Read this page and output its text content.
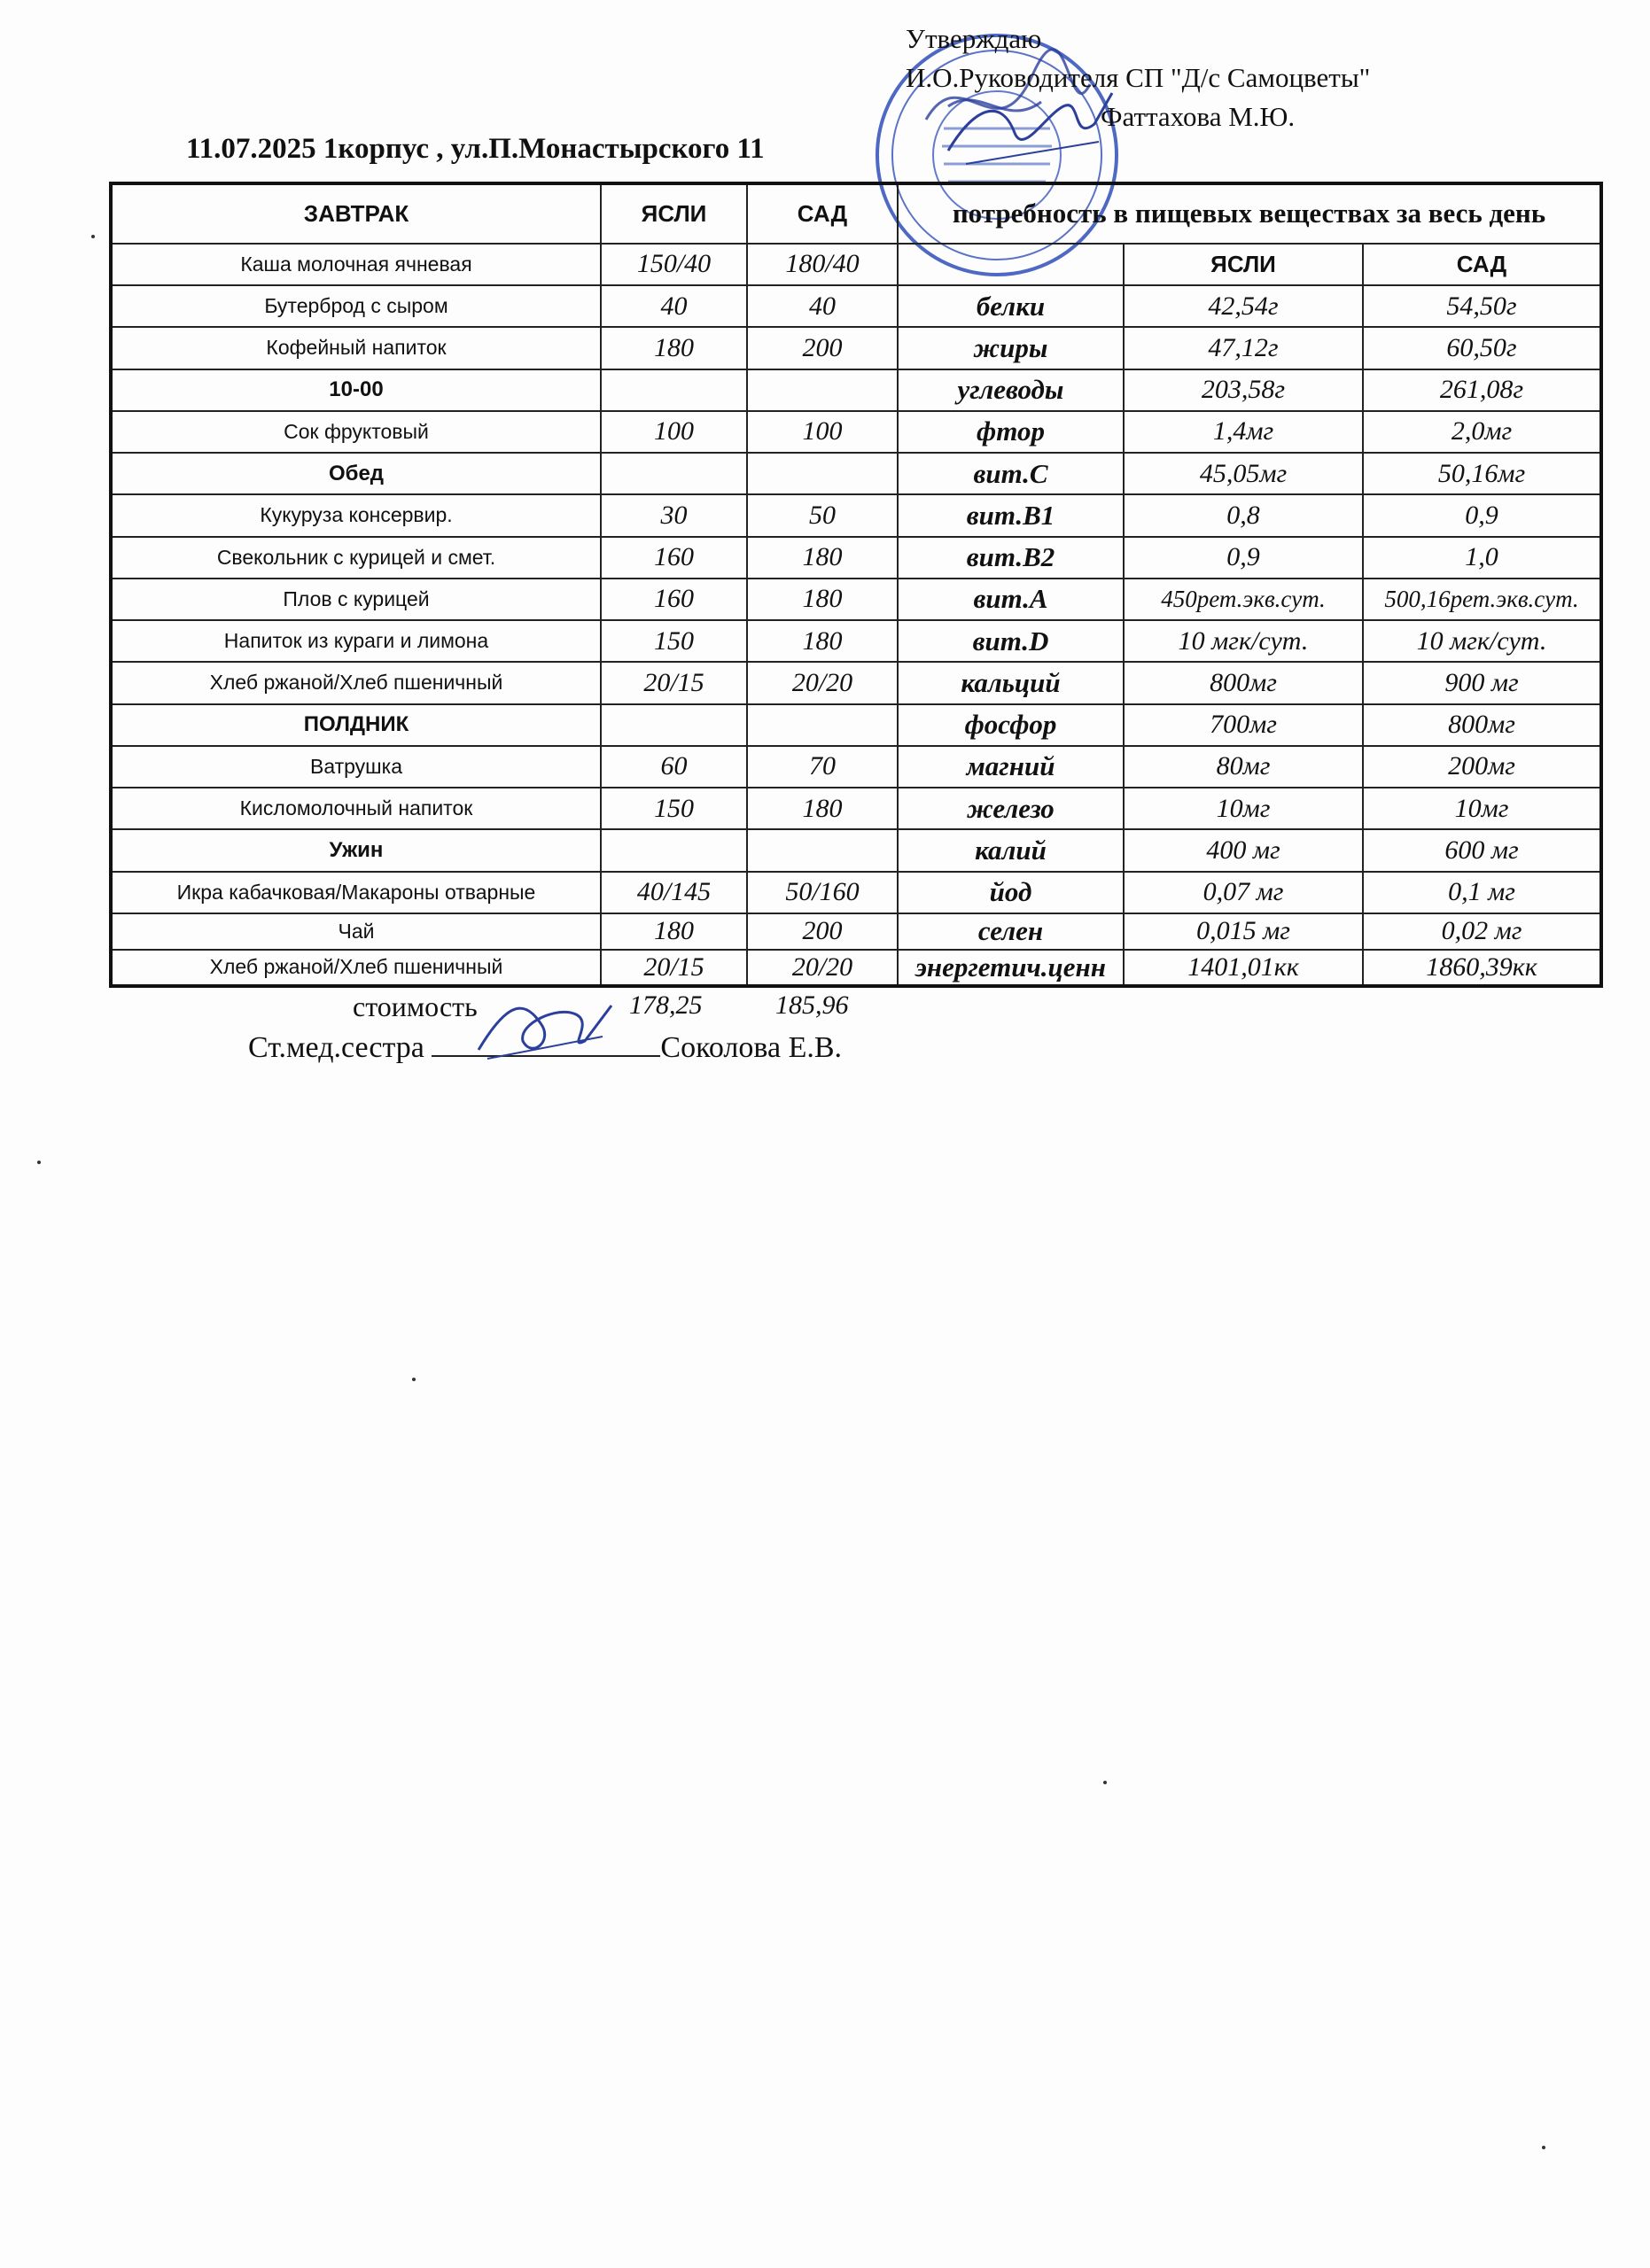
Утверждаю
И.О.Руководителя СП "Д/с Самоцветы"
Фаттахова М.Ю.
11.07.2025 1корпус , ул.П.Монастырского 11
ЗАВТРАК	ЯСЛИ	САД	потребность в пищевых веществах за весь день		
Каша молочная ячневая	150/40	180/40		ЯСЛИ	САД
Бутерброд с сыром	40	40	белки	42,54г	54,50г
Кофейный напиток	180	200	жиры	47,12г	60,50г
10-00			углеводы	203,58г	261,08г
Сок фруктовый	100	100	фтор	1,4мг	2,0мг
Обед			вит.С	45,05мг	50,16мг
Кукуруза консервир.	30	50	вит.В1	0,8	0,9
Свекольник с курицей и смет.	160	180	вит.В2	0,9	1,0
Плов с курицей	160	180	вит.А	450рет.экв.сут.	500,16рет.экв.сут.
Напиток из кураги и лимона	150	180	вит.D	10 мгк/сут.	10 мгк/сут.
Хлеб ржаной/Хлеб пшеничный	20/15	20/20	кальций	800мг	900 мг
ПОЛДНИК			фосфор	700мг	800мг
Ватрушка	60	70	магний	80мг	200мг
Кисломолочный напиток	150	180	железо	10мг	10мг
Ужин			калий	400 мг	600 мг
Икра кабачковая/Макароны отварные	40/145	50/160	йод	0,07 мг	0,1 мг
Чай	180	200	селен	0,015 мг	0,02 мг
Хлеб ржаной/Хлеб пшеничный	20/15	20/20	энергетич.ценн	1401,01кк	1860,39кк
стоимость	178,25	185,96
Ст.мед.сестра	Соколова Е.В.
